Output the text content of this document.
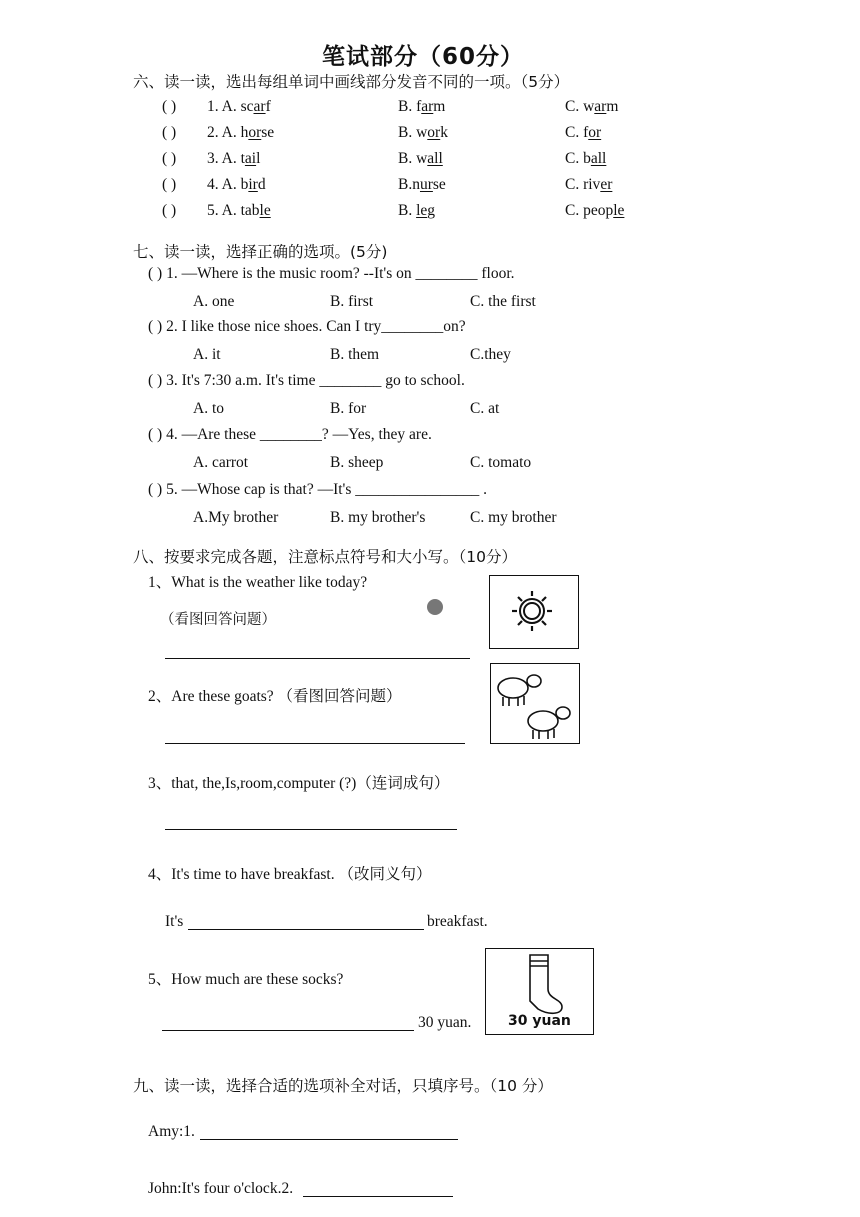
笔试部分（60分）
六、读一读，选出每组单词中画线部分发音不同的一项。（5分）
( ) 1. A. scarf	B. farm	C. warm
( ) 2. A. horse	B. work	C. for
( ) 3. A. tail	B. wall	C. ball
( ) 4. A. bird	B.nurse	C. river
( ) 5. A. table	B. leg	C. people
七、读一读，选择正确的选项。(5分)
( ) 1. —Where is the music room? --It's on ________ floor.
A. one	B. first	C. the first
( ) 2. I like those nice shoes. Can I try________on?
A. it	B. them	C.they
( ) 3. It's 7:30 a.m. It's time ________ go to school.
A. to	B. for	C. at
( ) 4. —Are these ________? —Yes, they are.
A. carrot	B. sheep	C. tomato
( ) 5. —Whose cap is that? —It's ________________ .
A.My brother	B. my brother's	C. my brother
八、按要求完成各题，注意标点符号和大小写。（10分）
1、What is the weather like today?
（看图回答问题）
2、Are these goats? （看图回答问题）
3、that, the,Is,room,computer (?)（连词成句）
4、It's time to have breakfast. （改同义句）
It's	breakfast.
5、How much are these socks?
30 yuan.	30 yuan
九、读一读，选择合适的选项补全对话，只填序号。（10 分）
Amy:1.
John:It's four o'clock.2.
